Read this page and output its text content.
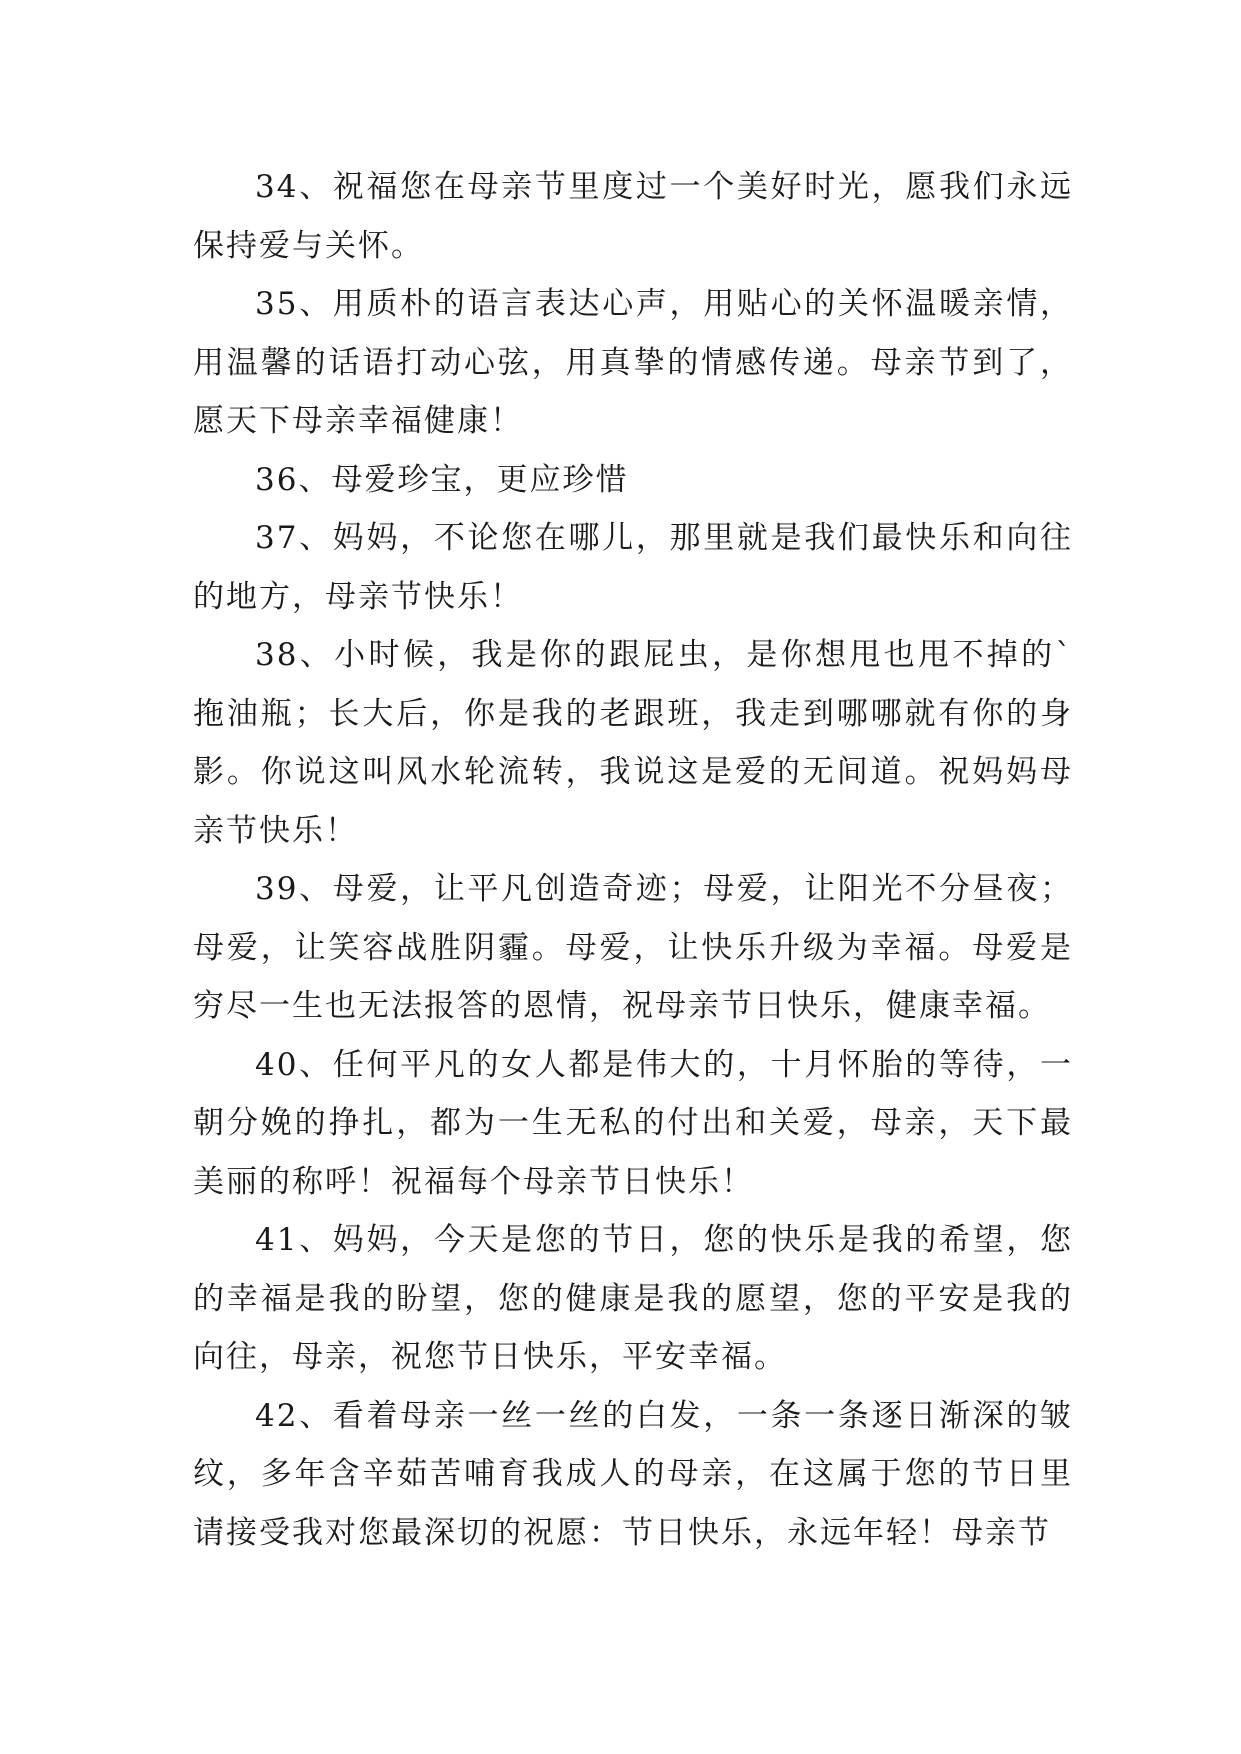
34、祝福您在母亲节里度过一个美好时光，愿我们永远保持爱与关怀。

35、用质朴的语言表达心声，用贴心的关怀温暖亲情，用温馨的话语打动心弦，用真挚的情感传递。母亲节到了，愿天下母亲幸福健康！

36、母爱珍宝，更应珍惜

37、妈妈，不论您在哪儿，那里就是我们最快乐和向往的地方，母亲节快乐！

38、小时候，我是你的跟屁虫，是你想甩也甩不掉的`拖油瓶；长大后，你是我的老跟班，我走到哪哪就有你的身影。你说这叫风水轮流转，我说这是爱的无间道。祝妈妈母亲节快乐！

39、母爱，让平凡创造奇迹；母爱，让阳光不分昼夜；母爱，让笑容战胜阴霾。母爱，让快乐升级为幸福。母爱是穷尽一生也无法报答的恩情，祝母亲节日快乐，健康幸福。

40、任何平凡的女人都是伟大的，十月怀胎的等待，一朝分娩的挣扎，都为一生无私的付出和关爱，母亲，天下最美丽的称呼！祝福每个母亲节日快乐！

41、妈妈，今天是您的节日，您的快乐是我的希望，您的幸福是我的盼望，您的健康是我的愿望，您的平安是我的向往，母亲，祝您节日快乐，平安幸福。

42、看着母亲一丝一丝的白发，一条一条逐日渐深的皱纹，多年含辛茹苦哺育我成人的母亲，在这属于您的节日里请接受我对您最深切的祝愿：节日快乐，永远年轻！母亲节
